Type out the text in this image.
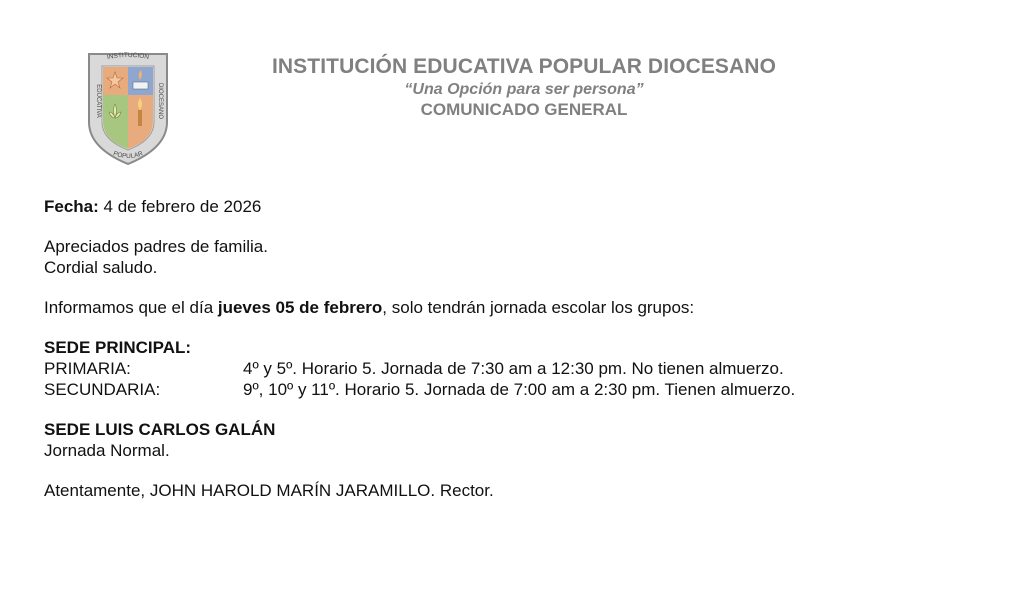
INSTITUCION
EDUCATIVA
DIOCESANO
POPULAR
INSTITUCIÓN EDUCATIVA POPULAR DIOCESANO
“Una Opción para ser persona”
COMUNICADO GENERAL

Fecha: 4 de febrero de 2026

Apreciados padres de familia.

Cordial saludo.

Informamos que el día jueves 05 de febrero, solo tendrán jornada escolar los grupos:

SEDE PRINCIPAL:

PRIMARIA:	4º y 5º. Horario 5. Jornada de 7:30 am a 12:30 pm. No tienen almuerzo.
SECUNDARIA:	9º, 10º y 11º. Horario 5. Jornada de 7:00 am a 2:30 pm. Tienen almuerzo.

SEDE LUIS CARLOS GALÁN

Jornada Normal.

Atentamente, JOHN HAROLD MARÍN JARAMILLO. Rector.
